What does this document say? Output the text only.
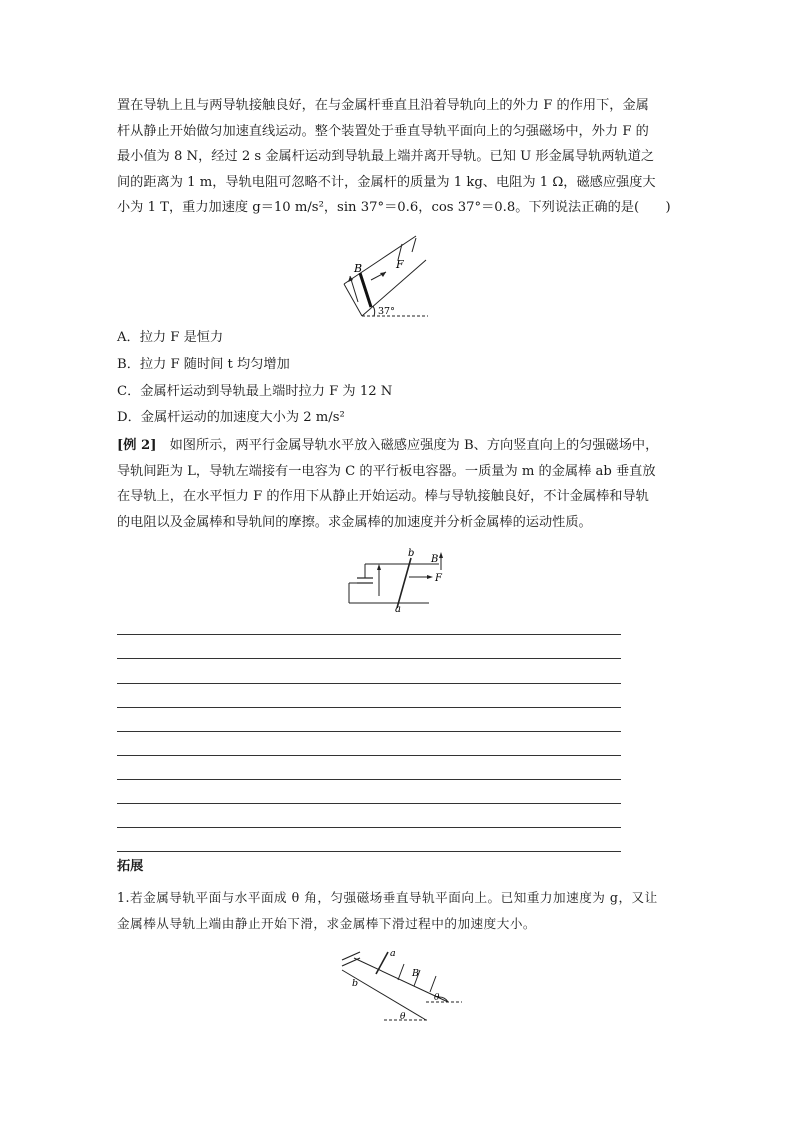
置在导轨上且与两导轨接触良好，在与金属杆垂直且沿着导轨向上的外力 F 的作用下，金属
杆从静止开始做匀加速直线运动。整个装置处于垂直导轨平面向上的匀强磁场中，外力 F 的
最小值为 8 N，经过 2 s 金属杆运动到导轨最上端并离开导轨。已知 U 形金属导轨两轨道之
间的距离为 1 m，导轨电阻可忽略不计，金属杆的质量为 1 kg、电阻为 1 Ω，磁感应强度大
小为 1 T，重力加速度 g＝10 m/s²，sin 37°＝0.6，cos 37°＝0.8。下列说法正确的是(　　)
B	F
37°
A．拉力 F 是恒力
B．拉力 F 随时间 t 均匀增加
C．金属杆运动到导轨最上端时拉力 F 为 12 N
D．金属杆运动的加速度大小为 2 m/s²
[例 2]　如图所示，两平行金属导轨水平放入磁感应强度为 B、方向竖直向上的匀强磁场中，
导轨间距为 L，导轨左端接有一电容为 C 的平行板电容器。一质量为 m 的金属棒 ab 垂直放
在导轨上，在水平恒力 F 的作用下从静止开始运动。棒与导轨接触良好，不计金属棒和导轨
的电阻以及金属棒和导轨间的摩擦。求金属棒的加速度并分析金属棒的运动性质。
b
B
F
a
拓展
1.若金属导轨平面与水平面成 θ 角，匀强磁场垂直导轨平面向上。已知重力加速度为 g，又让
金属棒从导轨上端由静止开始下滑，求金属棒下滑过程中的加速度大小。
a
b
B
θ
θ
